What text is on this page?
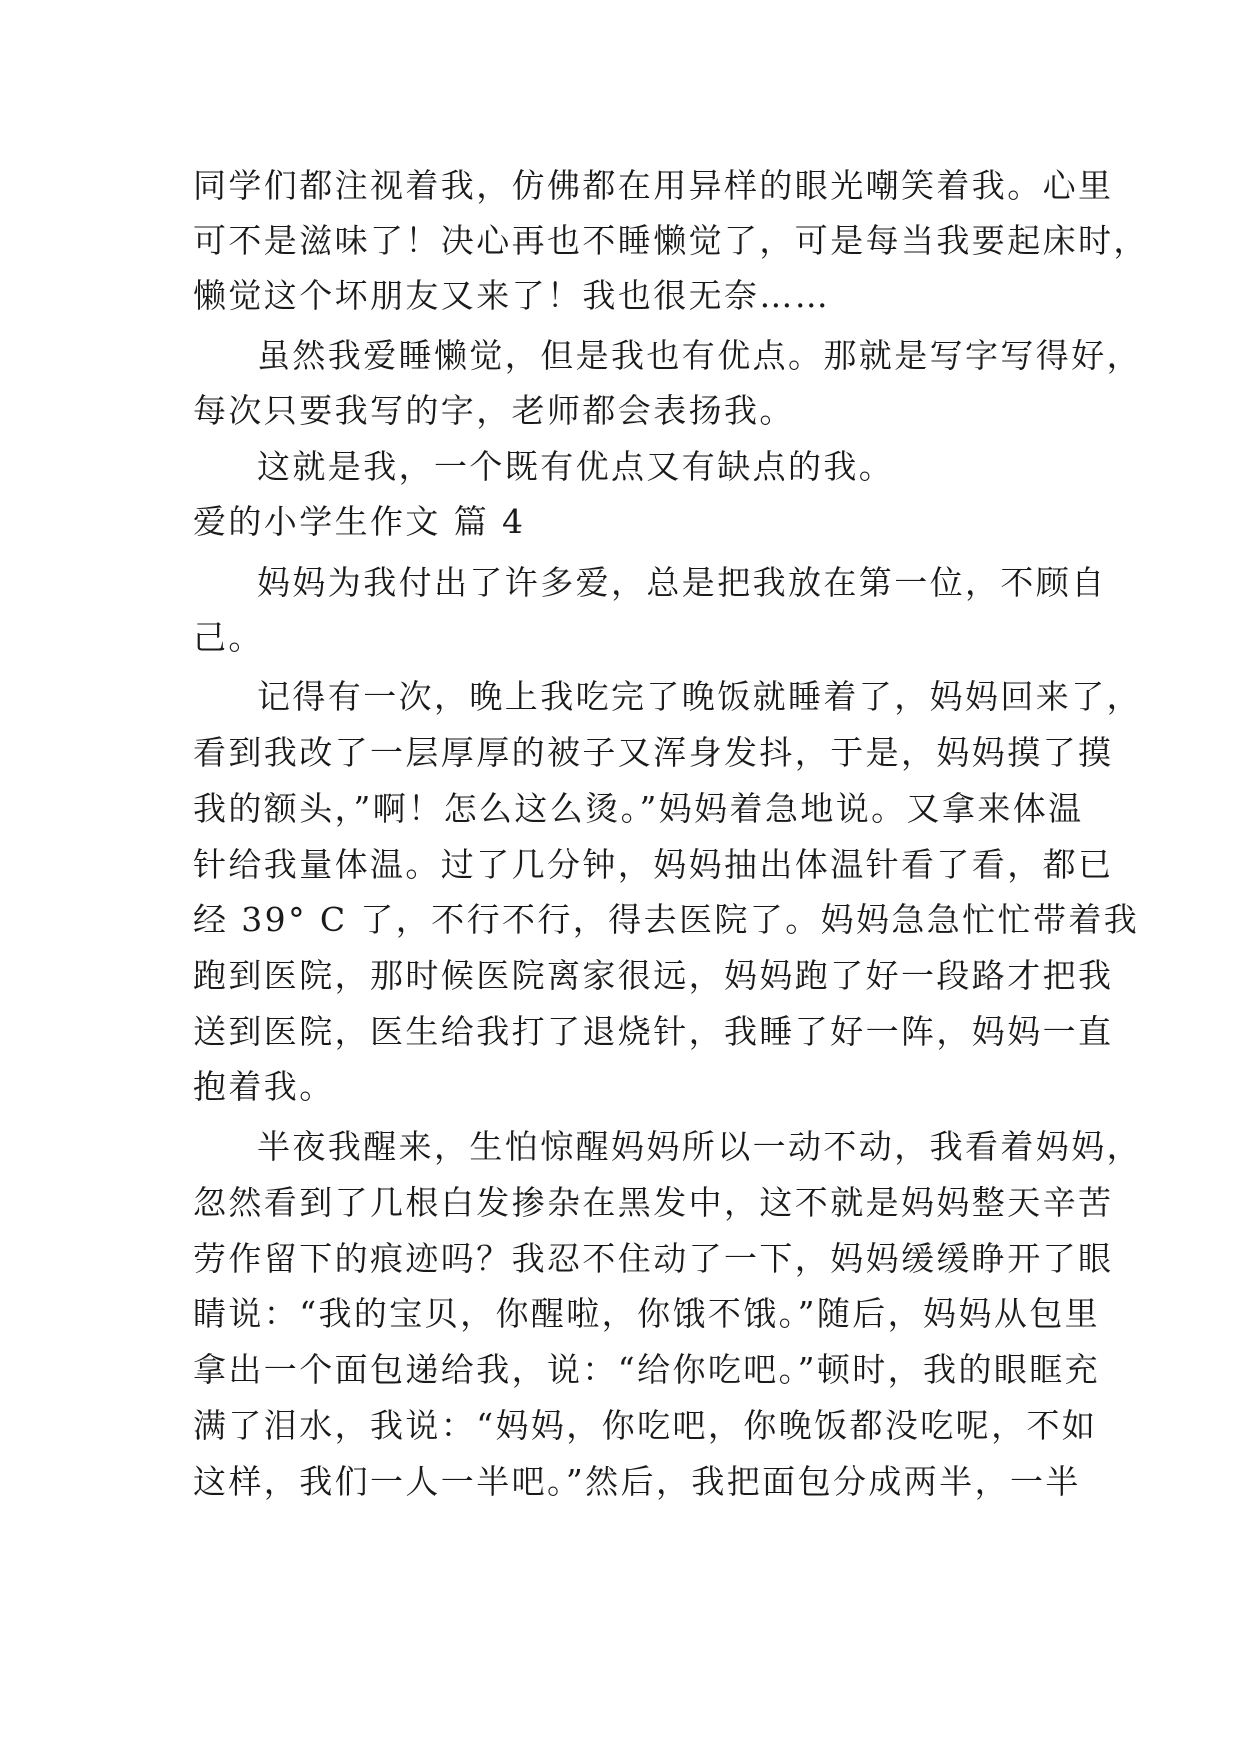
同学们都注视着我，仿佛都在用异样的眼光嘲笑着我。心里
可不是滋味了！决心再也不睡懒觉了，可是每当我要起床时，
懒觉这个坏朋友又来了！我也很无奈……
虽然我爱睡懒觉，但是我也有优点。那就是写字写得好，
每次只要我写的字，老师都会表扬我。
这就是我，一个既有优点又有缺点的我。
爱的小学生作文 篇 4
妈妈为我付出了许多爱，总是把我放在第一位，不顾自
己。
记得有一次，晚上我吃完了晚饭就睡着了，妈妈回来了，
看到我改了一层厚厚的被子又浑身发抖，于是，妈妈摸了摸
我的额头，”啊！怎么这么烫。”妈妈着急地说。又拿来体温
针给我量体温。过了几分钟，妈妈抽出体温针看了看，都已
经 39° C 了，不行不行，得去医院了。妈妈急急忙忙带着我
跑到医院，那时候医院离家很远，妈妈跑了好一段路才把我
送到医院，医生给我打了退烧针，我睡了好一阵，妈妈一直
抱着我。
半夜我醒来，生怕惊醒妈妈所以一动不动，我看着妈妈，
忽然看到了几根白发掺杂在黑发中，这不就是妈妈整天辛苦
劳作留下的痕迹吗？我忍不住动了一下，妈妈缓缓睁开了眼
睛说：“我的宝贝，你醒啦，你饿不饿。”随后，妈妈从包里
拿出一个面包递给我，说：“给你吃吧。”顿时，我的眼眶充
满了泪水，我说：“妈妈，你吃吧，你晚饭都没吃呢，不如
这样，我们一人一半吧。”然后，我把面包分成两半，一半
